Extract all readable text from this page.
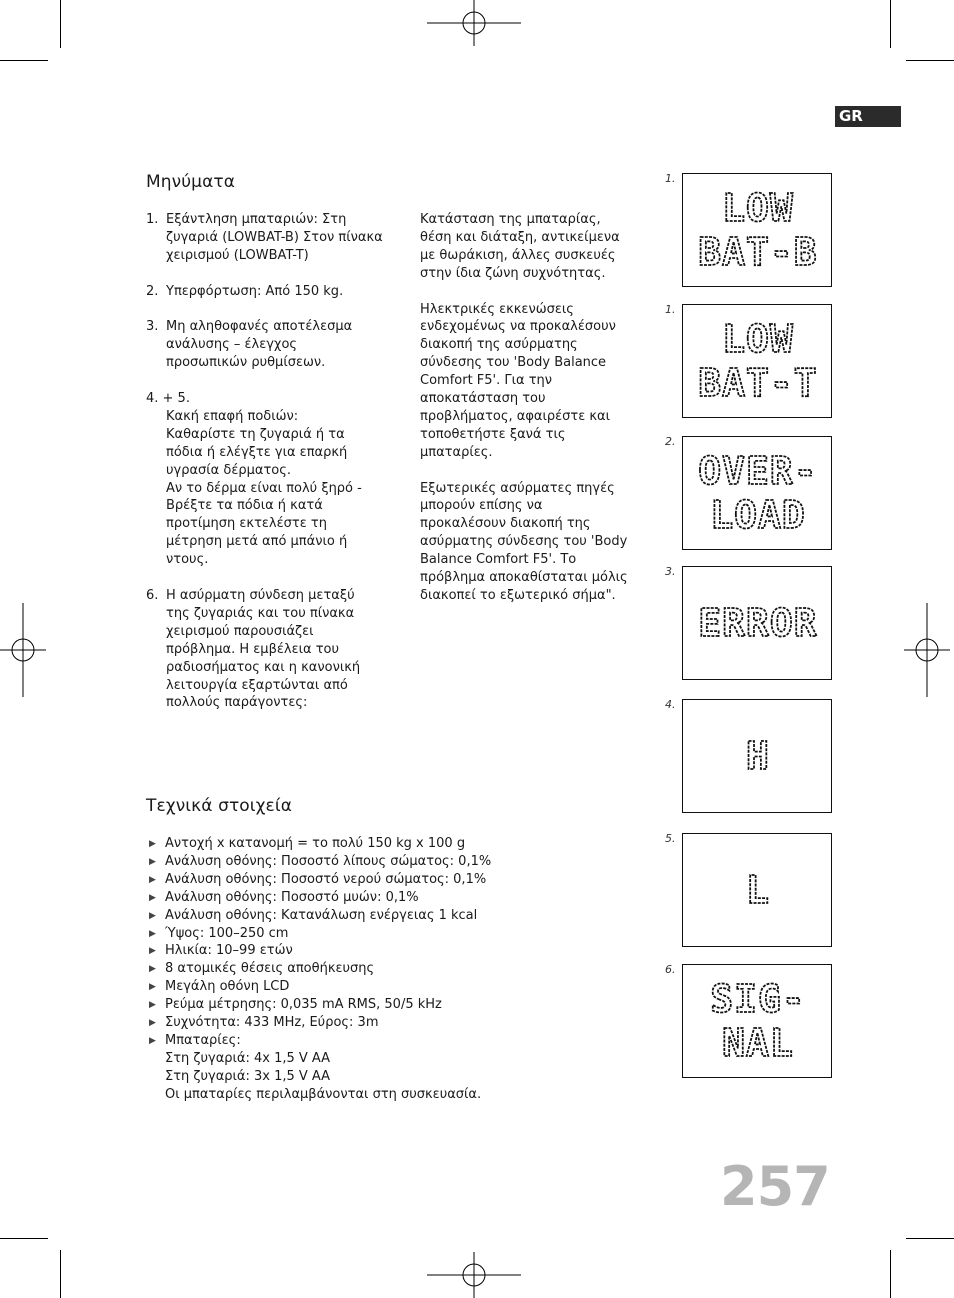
GR
Μηνύματα
1. Εξάντληση μπαταριών: Στη
ζυγαριά (LOWBAT-B) Στον πίνακα
χειρισμού (LOWBAT-T)
2. Υπερφόρτωση: Από 150 kg.
3. Μη αληθοφανές αποτέλεσμα
ανάλυσης – έλεγχος
προσωπικών ρυθμίσεων.
4. + 5.

Κακή επαφή ποδιών:
Καθαρίστε τη ζυγαριά ή τα
πόδια ή ελέγξτε για επαρκή
υγρασία δέρματος.
Αν το δέρμα είναι πολύ ξηρό -
Βρέξτε τα πόδια ή κατά
προτίμηση εκτελέστε τη
μέτρηση μετά από μπάνιο ή
ντους.
6. Η ασύρματη σύνδεση μεταξύ
της ζυγαριάς και του πίνακα
χειρισμού παρουσιάζει
πρόβλημα. Η εμβέλεια του
ραδιοσήματος και η κανονική
λειτουργία εξαρτώνται από
πολλούς παράγοντες:
Κατάσταση της μπαταρίας,
θέση και διάταξη, αντικείμενα
με θωράκιση, άλλες συσκευές
στην ίδια ζώνη συχνότητας.
Ηλεκτρικές εκκενώσεις
ενδεχομένως να προκαλέσουν
διακοπή της ασύρματης
σύνδεσης του 'Body Balance
Comfort F5'. Για την
αποκατάσταση του
προβλήματος, αφαιρέστε και
τοποθετήστε ξανά τις
μπαταρίες.
Εξωτερικές ασύρματες πηγές
μπορούν επίσης να
προκαλέσουν διακοπή της
ασύρματης σύνδεσης του 'Body
Balance Comfort F5'. Το
πρόβλημα αποκαθίσταται μόλις
διακοπεί το εξωτερικό σήμα".
Τεχνικά στοιχεία
▶ Αντοχή x κατανομή = το πολύ 150 kg x 100 g
▶ Ανάλυση οθόνης: Ποσοστό λίπους σώματος: 0,1%
▶ Ανάλυση οθόνης: Ποσοστό νερού σώματος: 0,1%
▶ Ανάλυση οθόνης: Ποσοστό μυών: 0,1%
▶ Ανάλυση οθόνης: Κατανάλωση ενέργειας 1 kcal
▶ Ύψος: 100–250 cm
▶ Ηλικία: 10–99 ετών
▶ 8 ατομικές θέσεις αποθήκευσης
▶ Μεγάλη οθόνη LCD
▶ Ρεύμα μέτρησης: 0,035 mA RMS, 50/5 kHz
▶ Συχνότητα: 433 MHz, Εύρος: 3m
▶ Μπαταρίες:
Στη ζυγαριά: 4x 1,5 V AA
Στη ζυγαριά: 3x 1,5 V AA
Οι μπαταρίες περιλαμβάνονται στη συσκευασία.
1.
LOW
BAT-B
1.
LOW
BAT-T
2.
OVER-
LOAD
3.
ERROR
4.
H
5.
L
6.
SIG-
NAL
257
